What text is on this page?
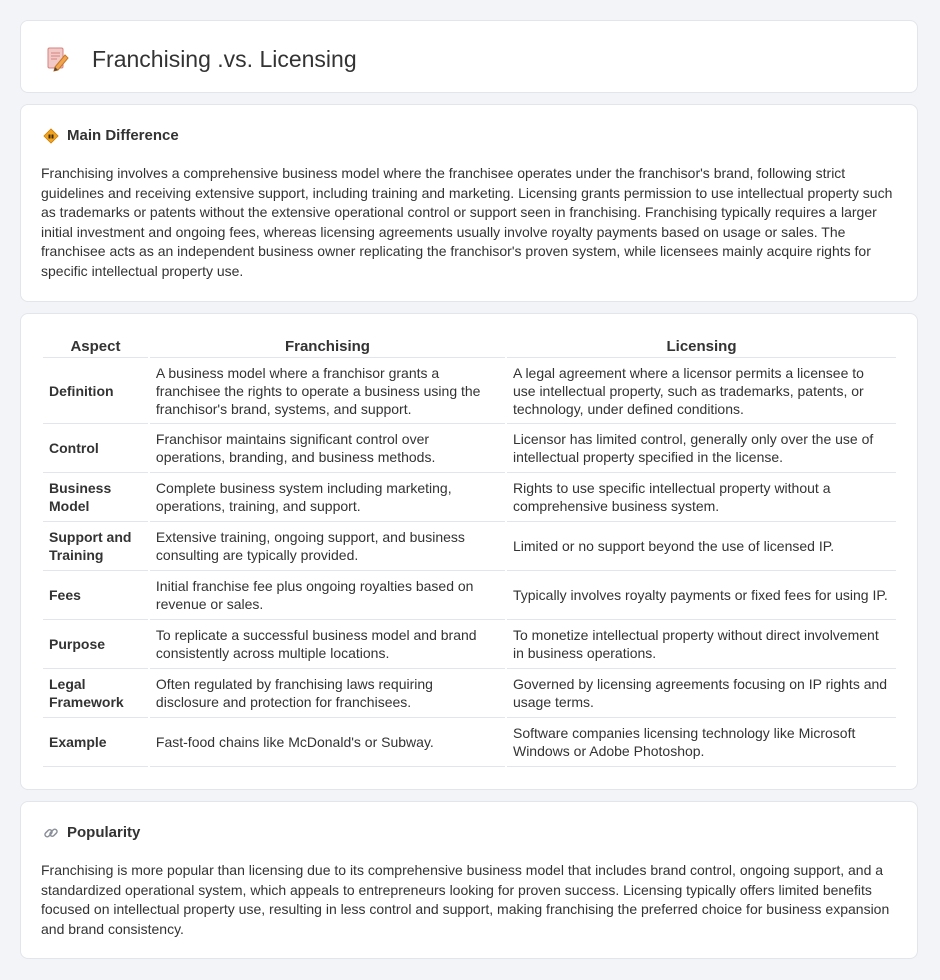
Franchising .vs. Licensing
Main Difference

Franchising involves a comprehensive business model where the franchisee operates under the franchisor's brand, following strict guidelines and receiving extensive support, including training and marketing. Licensing grants permission to use intellectual property such as trademarks or patents without the extensive operational control or support seen in franchising. Franchising typically requires a larger initial investment and ongoing fees, whereas licensing agreements usually involve royalty payments based on usage or sales. The franchisee acts as an independent business owner replicating the franchisor's proven system, while licensees mainly acquire rights for specific intellectual property use.

Aspect	Franchising	Licensing
Definition	A business model where a franchisor grants a franchisee the rights to operate a business using the franchisor's brand, systems, and support.	A legal agreement where a licensor permits a licensee to use intellectual property, such as trademarks, patents, or technology, under defined conditions.
Control	Franchisor maintains significant control over operations, branding, and business methods.	Licensor has limited control, generally only over the use of intellectual property specified in the license.
Business Model	Complete business system including marketing, operations, training, and support.	Rights to use specific intellectual property without a comprehensive business system.
Support and Training	Extensive training, ongoing support, and business consulting are typically provided.	Limited or no support beyond the use of licensed IP.
Fees	Initial franchise fee plus ongoing royalties based on revenue or sales.	Typically involves royalty payments or fixed fees for using IP.
Purpose	To replicate a successful business model and brand consistently across multiple locations.	To monetize intellectual property without direct involvement in business operations.
Legal Framework	Often regulated by franchising laws requiring disclosure and protection for franchisees.	Governed by licensing agreements focusing on IP rights and usage terms.
Example	Fast-food chains like McDonald's or Subway.	Software companies licensing technology like Microsoft Windows or Adobe Photoshop.
Popularity

Franchising is more popular than licensing due to its comprehensive business model that includes brand control, ongoing support, and a standardized operational system, which appeals to entrepreneurs looking for proven success. Licensing typically offers limited benefits focused on intellectual property use, resulting in less control and support, making franchising the preferred choice for business expansion and brand consistency.
